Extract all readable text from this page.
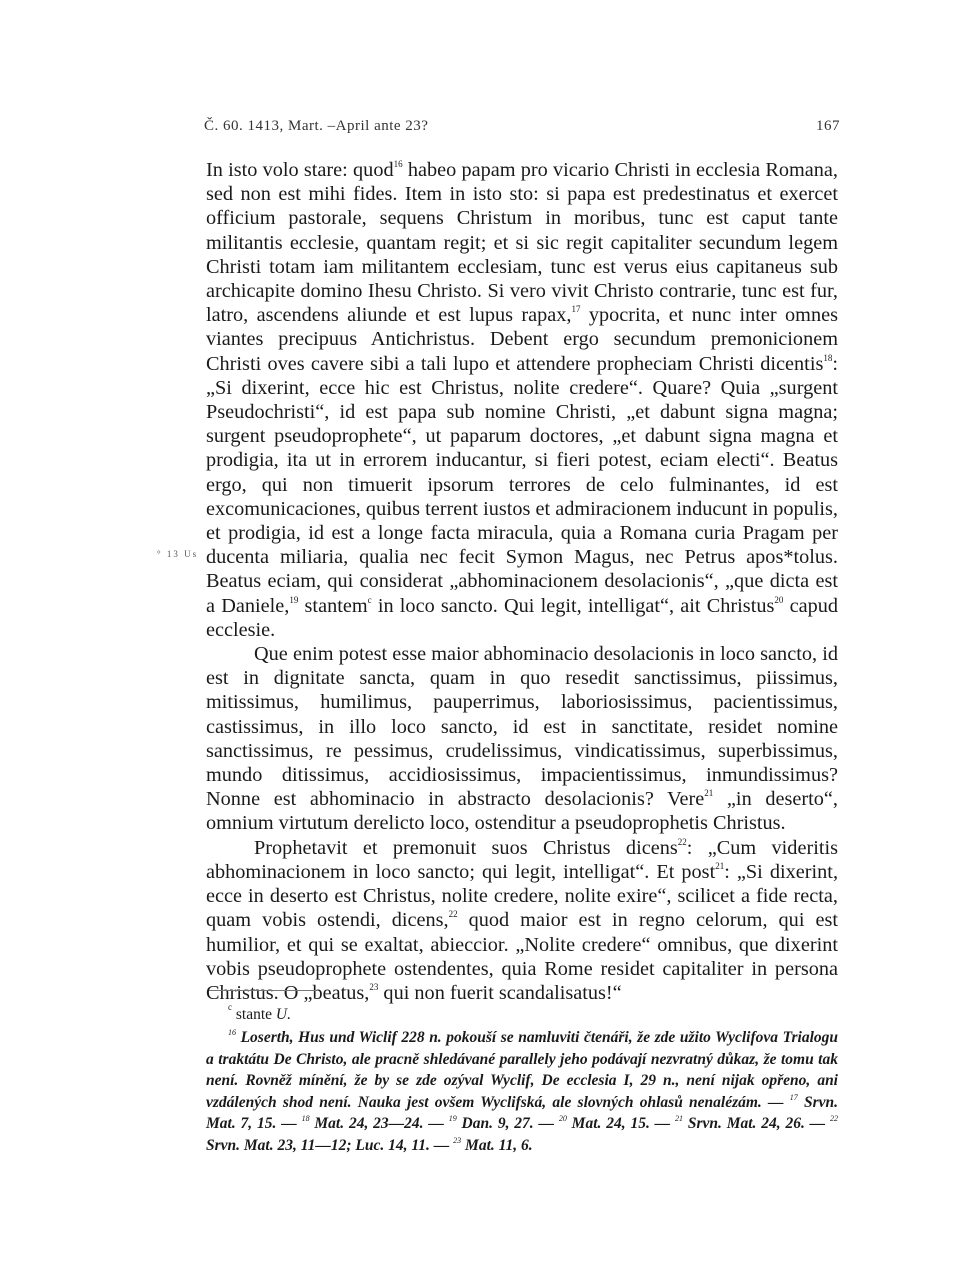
Č. 60. 1413, Mart. –April ante 23?	167
° 13 Us

In isto volo stare: quod$^{16}$ habeo papam pro vicario Christi in ecclesia Romana, sed non est mihi fides. Item in isto sto: si papa est predestinatus et exercet officium pastorale, sequens Christum in moribus, tunc est caput tante militantis ecclesie, quantam regit; et si sic regit capitaliter secundum legem Christi totam iam militantem ecclesiam, tunc est verus eius capitaneus sub archicapite domino Ihesu Christo. Si vero vivit Christo contrarie, tunc est fur, latro, ascendens aliunde et est lupus rapax,$^{17}$ ypocrita, et nunc inter omnes viantes precipuus Antichristus. Debent ergo secundum premonicionem Christi oves cavere sibi a tali lupo et attendere propheciam Christi dicentis$^{18}$: „Si dixerint, ecce hic est Christus, nolite credere“. Quare? Quia „surgent Pseudochristi“, id est papa sub nomine Christi, „et dabunt signa magna; surgent pseudoprophete“, ut paparum doctores, „et dabunt signa magna et prodigia, ita ut in errorem inducantur, si fieri potest, eciam electi“. Beatus ergo, qui non timuerit ipsorum terrores de celo fulminantes, id est excomunicaciones, quibus terrent iustos et admiracionem inducunt in populis, et prodigia, id est a longe facta miracula, quia a Romana curia Pragam per ducenta miliaria, qualia nec fecit Symon Magus, nec Petrus apos*tolus. Beatus eciam, qui considerat „abhominacionem desolacionis“, „que dicta est a Daniele,$^{19}$ stantem$^c$ in loco sancto. Qui legit, intelligat“, ait Christus$^{20}$ capud ecclesie.

Que enim potest esse maior abhominacio desolacionis in loco sancto, id est in dignitate sancta, quam in quo resedit sanctissimus, piissimus, mitissimus, humilimus, pauperrimus, laboriosissimus, pacientissimus, castissimus, in illo loco sancto, id est in sanctitate, residet nomine sanctissimus, re pessimus, crudelissimus, vindicatissimus, superbissimus, mundo ditissimus, accidiosissimus, impacientissimus, inmundissimus? Nonne est abhominacio in abstracto desolacionis? Vere$^{21}$ „in deserto“, omnium virtutum derelicto loco, ostenditur a pseudoprophetis Christus.

Prophetavit et premonuit suos Christus dicens$^{22}$: „Cum videritis abhominacionem in loco sancto; qui legit, intelligat“. Et post$^{21}$: „Si dixerint, ecce in deserto est Christus, nolite credere, nolite exire“, scilicet a fide recta, quam vobis ostendi, dicens,$^{22}$ quod maior est in regno celorum, qui est humilior, et qui se exaltat, abieccior. „Nolite credere“ omnibus, que dixerint vobis pseudoprophete ostendentes, quia Rome residet capitaliter in persona Christus. O „beatus,$^{23}$ qui non fuerit scandalisatus!“

$^c$ stante U.

$^{16}$ Loserth, Hus und Wiclif 228 n. pokouší se namluviti čtenáři, že zde užito Wyclifova Trialogu a traktátu De Christo, ale pracně shledávané parallely jeho podávají nezvratný důkaz, že tomu tak není. Rovněž mínění, že by se zde ozýval Wyclif, De ecclesia I, 29 n., není nijak opřeno, ani vzdálených shod není. Nauka jest ovšem Wyclifská, ale slovných ohlasů nenalézám. — $^{17}$ Srvn. Mat. 7, 15. — $^{18}$ Mat. 24, 23—24. — $^{19}$ Dan. 9, 27. — $^{20}$ Mat. 24, 15. — $^{21}$ Srvn. Mat. 24, 26. — $^{22}$ Srvn. Mat. 23, 11—12; Luc. 14, 11. — $^{23}$ Mat. 11, 6.
